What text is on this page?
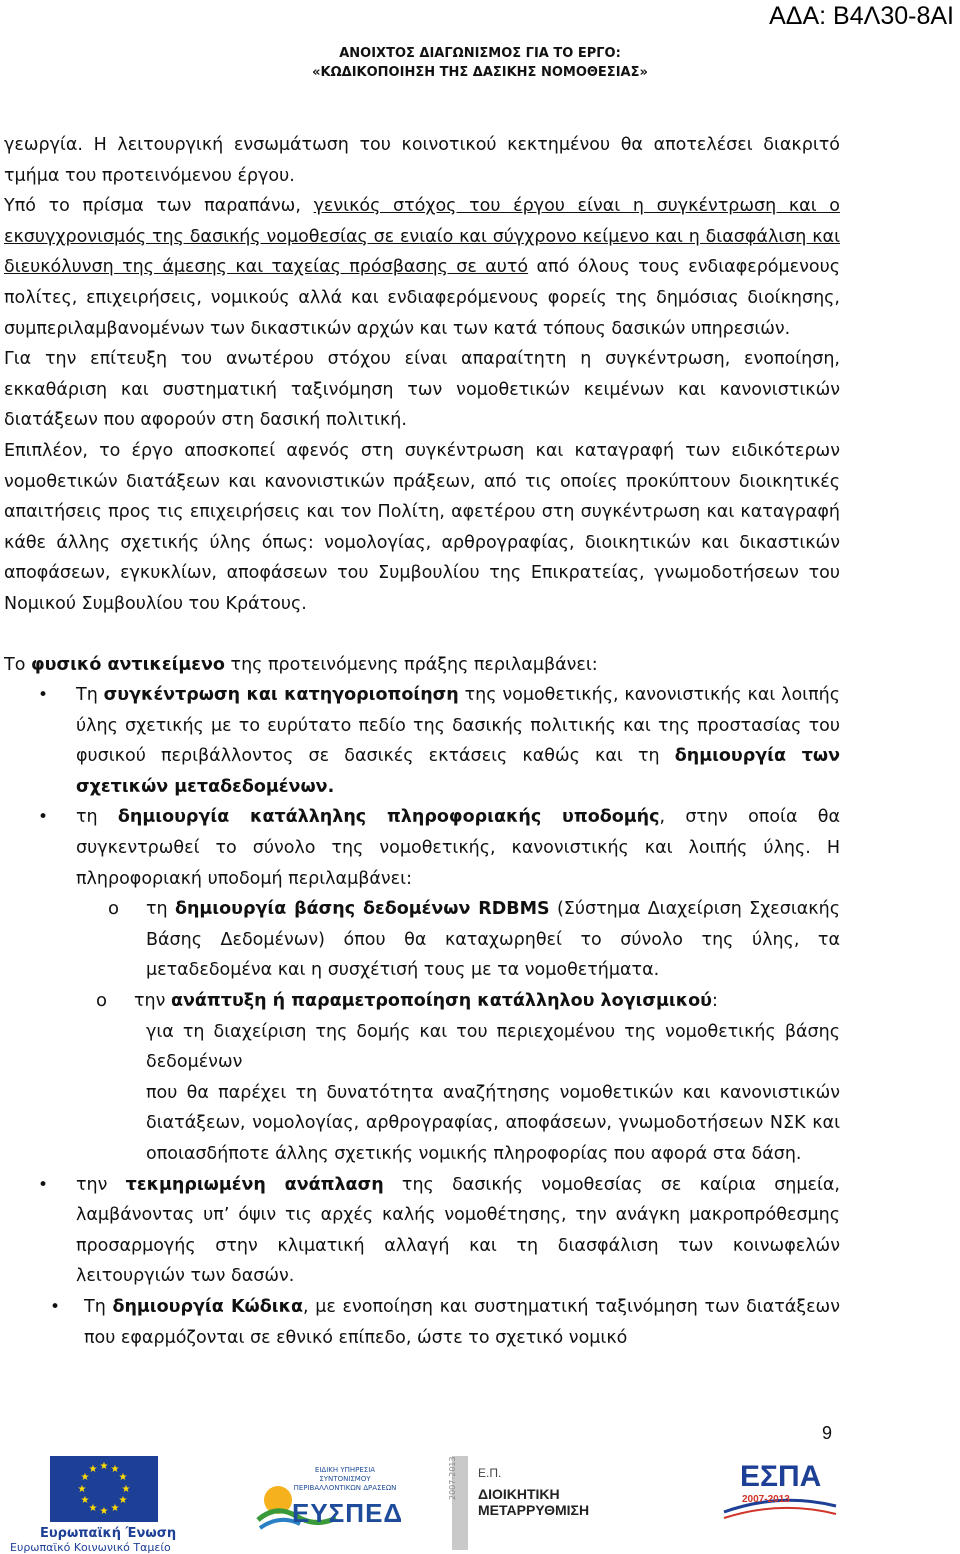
ΑΔΑ: Β4Λ30-8ΑΙ
ΑΝΟΙΧΤΟΣ ΔΙΑΓΩΝΙΣΜΟΣ ΓΙΑ ΤΟ ΕΡΓΟ:
«ΚΩΔΙΚΟΠΟΙΗΣΗ ΤΗΣ ΔΑΣΙΚΗΣ ΝΟΜΟΘΕΣΙΑΣ»

γεωργία. Η λειτουργική ενσωμάτωση του κοινοτικού κεκτημένου θα αποτελέσει διακριτό τμήμα του προτεινόμενου έργου.

Υπό το πρίσμα των παραπάνω, γενικός στόχος του έργου είναι η συγκέντρωση και ο εκσυγχρονισμός της δασικής νομοθεσίας σε ενιαίο και σύγχρονο κείμενο και η διασφάλιση και διευκόλυνση της άμεσης και ταχείας πρόσβασης σε αυτό από όλους τους ενδιαφερόμενους πολίτες, επιχειρήσεις, νομικούς αλλά και ενδιαφερόμενους φορείς της δημόσιας διοίκησης, συμπεριλαμβανομένων των δικαστικών αρχών και των κατά τόπους δασικών υπηρεσιών.

Για την επίτευξη του ανωτέρου στόχου είναι απαραίτητη η συγκέντρωση, ενοποίηση, εκκαθάριση και συστηματική ταξινόμηση των νομοθετικών κειμένων και κανονιστικών διατάξεων που αφορούν στη δασική πολιτική.

Επιπλέον, το έργο αποσκοπεί αφενός στη συγκέντρωση και καταγραφή των ειδικότερων νομοθετικών διατάξεων και κανονιστικών πράξεων, από τις οποίες προκύπτουν διοικητικές απαιτήσεις προς τις επιχειρήσεις και τον Πολίτη, αφετέρου στη συγκέντρωση και καταγραφή κάθε άλλης σχετικής ύλης όπως: νομολογίας, αρθρογραφίας, διοικητικών και δικαστικών αποφάσεων, εγκυκλίων, αποφάσεων του Συμβουλίου της Επικρατείας, γνωμοδοτήσεων του Νομικού Συμβουλίου του Κράτους.

Το φυσικό αντικείμενο της προτεινόμενης πράξης περιλαμβάνει:

• Τη συγκέντρωση και κατηγοριοποίηση της νομοθετικής, κανονιστικής και λοιπής ύλης σχετικής με το ευρύτατο πεδίο της δασικής πολιτικής και της προστασίας του φυσικού περιβάλλοντος σε δασικές εκτάσεις καθώς και τη δημιουργία των σχετικών μεταδεδομένων.

• τη δημιουργία κατάλληλης πληροφοριακής υποδομής, στην οποία θα συγκεντρωθεί το σύνολο της νομοθετικής, κανονιστικής και λοιπής ύλης. Η πληροφοριακή υποδομή περιλαμβάνει:

o τη δημιουργία βάσης δεδομένων RDBMS (Σύστημα Διαχείριση Σχεσιακής Βάσης Δεδομένων) όπου θα καταχωρηθεί το σύνολο της ύλης, τα μεταδεδομένα και η συσχέτισή τους με τα νομοθετήματα.

o την ανάπτυξη ή παραμετροποίηση κατάλληλου λογισμικού:

για τη διαχείριση της δομής και του περιεχομένου της νομοθετικής βάσης δεδομένων

που θα παρέχει τη δυνατότητα αναζήτησης νομοθετικών και κανονιστικών διατάξεων, νομολογίας, αρθρογραφίας, αποφάσεων, γνωμοδοτήσεων ΝΣΚ και οποιασδήποτε άλλης σχετικής νομικής πληροφορίας που αφορά στα δάση.

• την τεκμηριωμένη ανάπλαση της δασικής νομοθεσίας σε καίρια σημεία, λαμβάνοντας υπ’ όψιν τις αρχές καλής νομοθέτησης, την ανάγκη μακροπρόθεσμης προσαρμογής στην κλιματική αλλαγή και τη διασφάλιση των κοινωφελών λειτουργιών των δασών.

• Τη δημιουργία Κώδικα, με ενοποίηση και συστηματική ταξινόμηση των διατάξεων που εφαρμόζονται σε εθνικό επίπεδο, ώστε το σχετικό νομικό

9
★ ★
★
★
★
★
★
★
★
★
★
★
Ευρωπαϊκή Ένωση
Ευρωπαϊκό Κοινωνικό Ταμείο
ΕΙΔΙΚΗ ΥΠΗΡΕΣΙΑ ΣΥΝΤΟΝΙΣΜΟΥ ΠΕΡΙΒΑΛΛΟΝΤΙΚΩΝ ΔΡΑΣΕΩΝ
ΕΥΣΠΕΔ
Ε.Π.
ΔΙΟΙΚΗΤΙΚΗ
ΜΕΤΑΡΡΥΘΜΙΣΗ
2007-2013	ΕΣΠΑ
2007-2013
